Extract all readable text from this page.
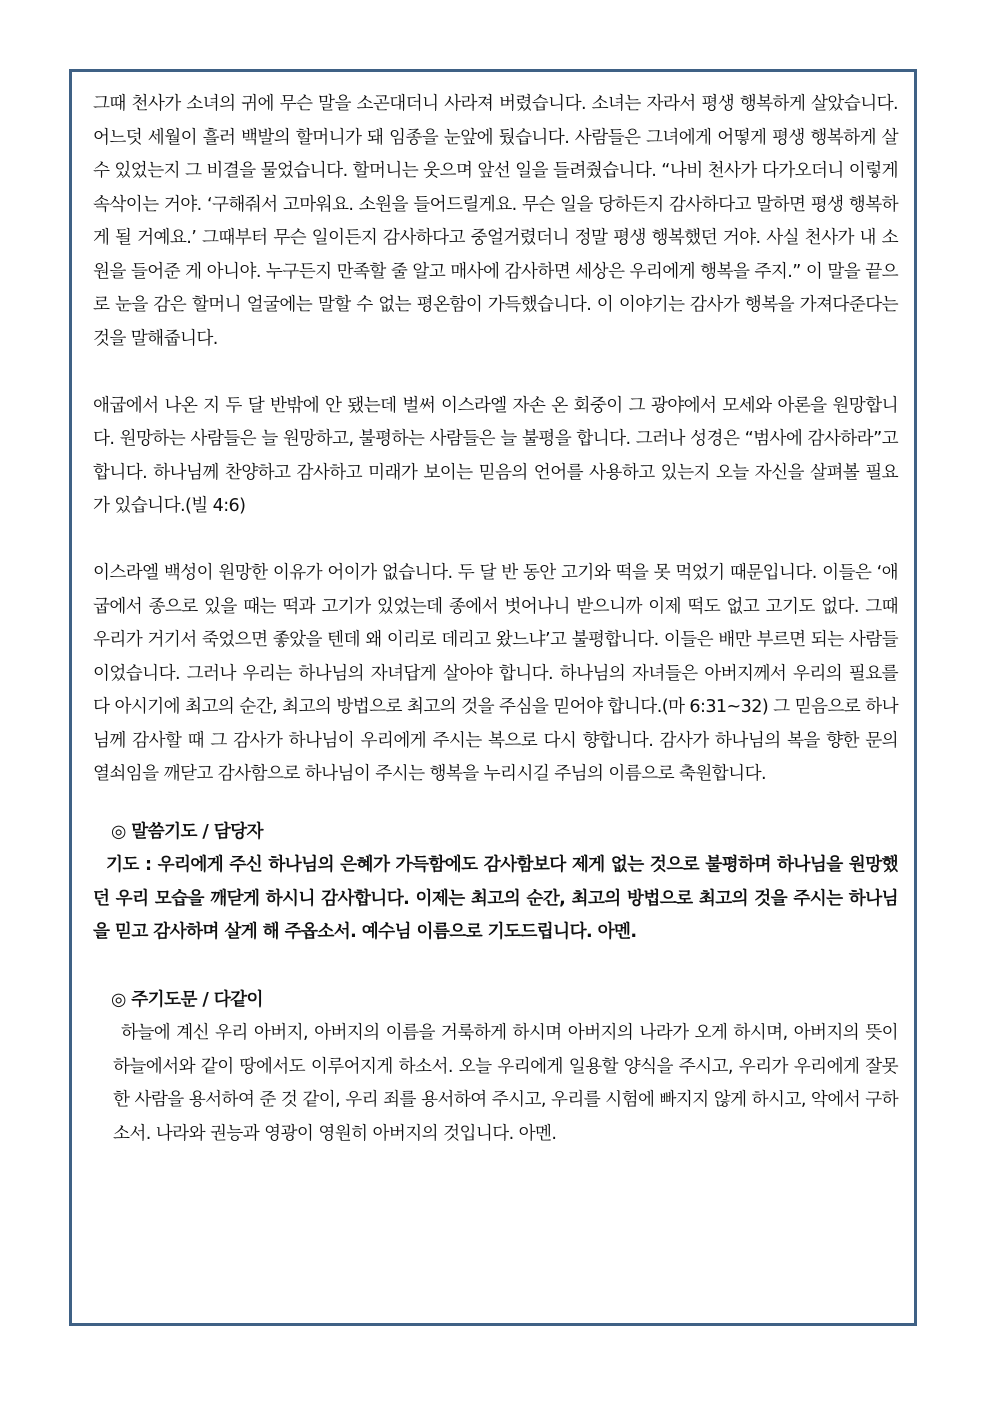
그때 천사가 소녀의 귀에 무슨 말을 소곤대더니 사라져 버렸습니다. 소녀는 자라서 평생 행복하게 살았습니다. 어느덧 세월이 흘러 백발의 할머니가 돼 임종을 눈앞에 뒀습니다. 사람들은 그녀에게 어떻게 평생 행복하게 살 수 있었는지 그 비결을 물었습니다. 할머니는 웃으며 앞선 일을 들려줬습니다. “나비 천사가 다가오더니 이렇게 속삭이는 거야. ‘구해줘서 고마워요. 소원을 들어드릴게요. 무슨 일을 당하든지 감사하다고 말하면 평생 행복하게 될 거예요.’ 그때부터 무슨 일이든지 감사하다고 중얼거렸더니 정말 평생 행복했던 거야. 사실 천사가 내 소원을 들어준 게 아니야. 누구든지 만족할 줄 알고 매사에 감사하면 세상은 우리에게 행복을 주지.” 이 말을 끝으로 눈을 감은 할머니 얼굴에는 말할 수 없는 평온함이 가득했습니다. 이 이야기는 감사가 행복을 가져다준다는 것을 말해줍니다.

애굽에서 나온 지 두 달 반밖에 안 됐는데 벌써 이스라엘 자손 온 회중이 그 광야에서 모세와 아론을 원망합니다. 원망하는 사람들은 늘 원망하고, 불평하는 사람들은 늘 불평을 합니다. 그러나 성경은 “범사에 감사하라”고 합니다. 하나님께 찬양하고 감사하고 미래가 보이는 믿음의 언어를 사용하고 있는지 오늘 자신을 살펴볼 필요가 있습니다.(빌 4:6)

이스라엘 백성이 원망한 이유가 어이가 없습니다. 두 달 반 동안 고기와 떡을 못 먹었기 때문입니다. 이들은 ‘애굽에서 종으로 있을 때는 떡과 고기가 있었는데 종에서 벗어나니 받으니까 이제 떡도 없고 고기도 없다. 그때 우리가 거기서 죽었으면 좋았을 텐데 왜 이리로 데리고 왔느냐’고 불평합니다. 이들은 배만 부르면 되는 사람들이었습니다. 그러나 우리는 하나님의 자녀답게 살아야 합니다. 하나님의 자녀들은 아버지께서 우리의 필요를 다 아시기에 최고의 순간, 최고의 방법으로 최고의 것을 주심을 믿어야 합니다.(마 6:31~32) 그 믿음으로 하나님께 감사할 때 그 감사가 하나님이 우리에게 주시는 복으로 다시 향합니다. 감사가 하나님의 복을 향한 문의 열쇠임을 깨닫고 감사함으로 하나님이 주시는 행복을 누리시길 주님의 이름으로 축원합니다.

◎ 말씀기도 / 담당자

기도 : 우리에게 주신 하나님의 은혜가 가득함에도 감사함보다 제게 없는 것으로 불평하며 하나님을 원망했던 우리 모습을 깨닫게 하시니 감사합니다. 이제는 최고의 순간, 최고의 방법으로 최고의 것을 주시는 하나님을 믿고 감사하며 살게 해 주옵소서. 예수님 이름으로 기도드립니다. 아멘.

◎ 주기도문 / 다같이

하늘에 계신 우리 아버지, 아버지의 이름을 거룩하게 하시며 아버지의 나라가 오게 하시며, 아버지의 뜻이 하늘에서와 같이 땅에서도 이루어지게 하소서. 오늘 우리에게 일용할 양식을 주시고, 우리가 우리에게 잘못한 사람을 용서하여 준 것 같이, 우리 죄를 용서하여 주시고, 우리를 시험에 빠지지 않게 하시고, 악에서 구하소서. 나라와 권능과 영광이 영원히 아버지의 것입니다. 아멘.
